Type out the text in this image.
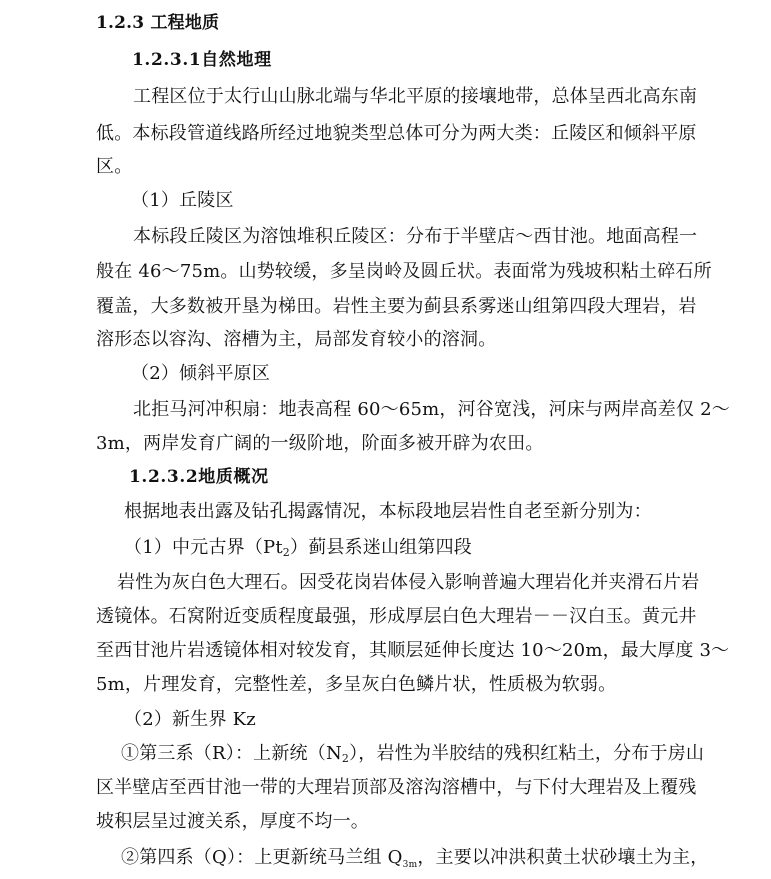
1.2.3 工程地质
1.2.3.1自然地理
工程区位于太行山山脉北端与华北平原的接壤地带，总体呈西北高东南
低。本标段管道线路所经过地貌类型总体可分为两大类：丘陵区和倾斜平原
区。
（1）丘陵区
本标段丘陵区为溶蚀堆积丘陵区：分布于半壁店～西甘池。地面高程一
般在 46～75m。山势较缓，多呈岗岭及圆丘状。表面常为残坡积粘土碎石所
覆盖，大多数被开垦为梯田。岩性主要为蓟县系雾迷山组第四段大理岩，岩
溶形态以容沟、溶槽为主，局部发育较小的溶洞。
（2）倾斜平原区
北拒马河冲积扇：地表高程 60～65m，河谷宽浅，河床与两岸高差仅 2～
3m，两岸发育广阔的一级阶地，阶面多被开辟为农田。
1.2.3.2地质概况
根据地表出露及钻孔揭露情况，本标段地层岩性自老至新分别为：
（1）中元古界$(Pt_2)$蓟县系迷山组第四段
岩性为灰白色大理石。因受花岗岩体侵入影响普遍大理岩化并夹滑石片岩
透镜体。石窝附近变质程度最强，形成厚层白色大理岩－－汉白玉。黄元井
至西甘池片岩透镜体相对较发育，其顺层延伸长度达 10～20m，最大厚度 3～
5m，片理发育，完整性差，多呈灰白色鳞片状，性质极为软弱。
（2）新生界 Kz
①第三系（R）：上新统$(N_2)$，岩性为半胶结的残积红粘土，分布于房山
区半壁店至西甘池一带的大理岩顶部及溶沟溶槽中，与下付大理岩及上覆残
坡积层呈过渡关系，厚度不均一。
②第四系（Q）：上更新统马兰组 $Q_{3m}$，主要以冲洪积黄土状砂壤土为主，
